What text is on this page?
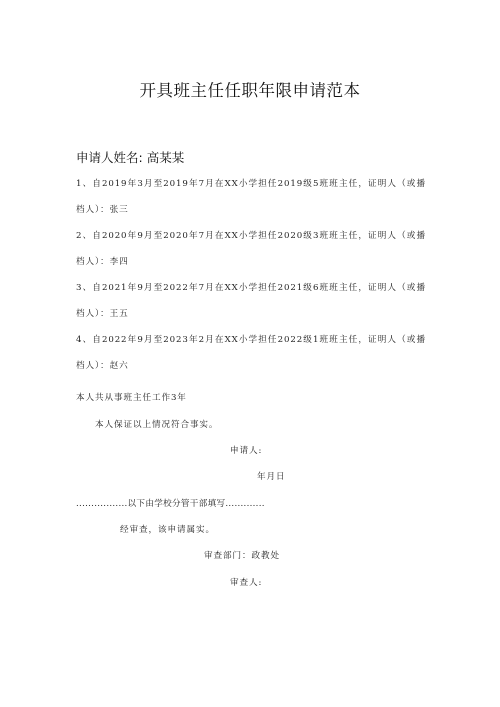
开具班主任任职年限申请范本
申请人姓名: 高某某
1、自2019年3月至2019年7月在XX小学担任2019级5班班主任，证明人（或播档人）：张三
2、自2020年9月至2020年7月在XX小学担任2020级3班班主任，证明人（或播档人）：李四
3、自2021年9月至2022年7月在XX小学担任2021级6班班主任，证明人（或播档人）：王五
4、自2022年9月至2023年2月在XX小学担任2022级1班班主任，证明人（或播档人）：赵六
本人共从事班主任工作3年
本人保证以上情况符合事实。
申请人:
年月日
.................以下由学校分管干部填写.............
经审查，该申请属实。
审查部门：政教处
审查人:
